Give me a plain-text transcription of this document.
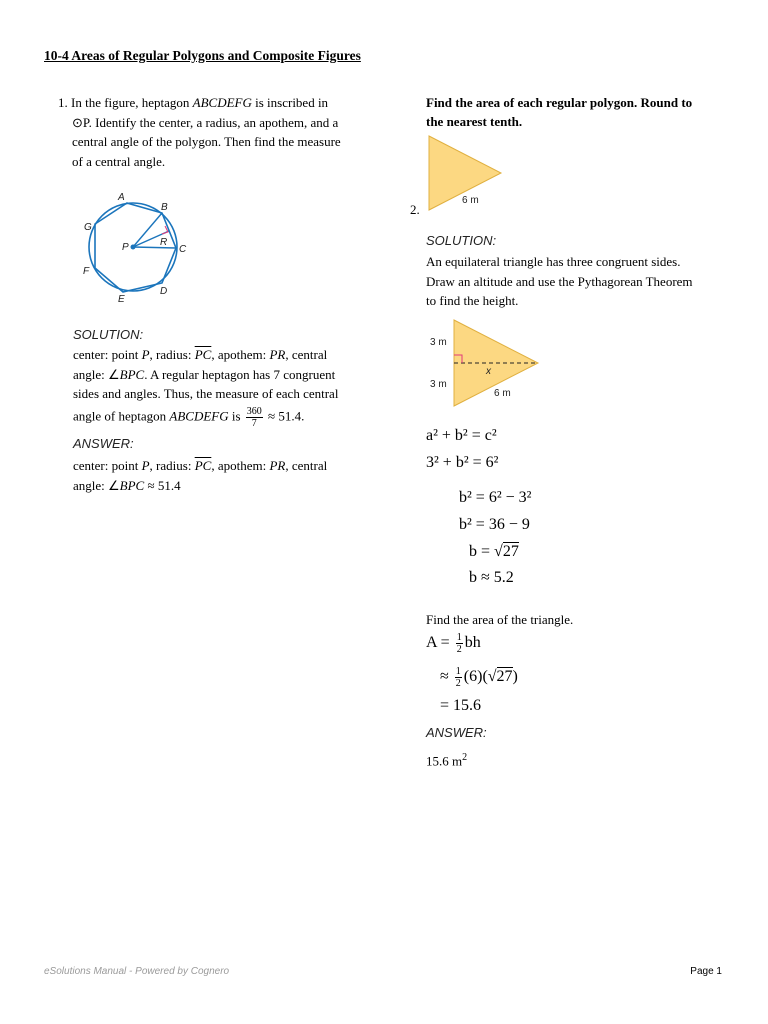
10-4 Areas of Regular Polygons and Composite Figures
1. In the figure, heptagon ABCDEFG is inscribed in
⊙P. Identify the center, a radius, an apothem, and a
central angle of the polygon. Then find the measure
of a central angle.
A
B
C
D
E
F
G
P	R
SOLUTION:
center: point P, radius: $\overline{PC}$, apothem: PR, central
angle: ∠BPC. A regular heptagon has 7 congruent
sides and angles. Thus, the measure of each central
angle of heptagon ABCDEFG is $\frac{360}{7} \approx 51.4$.
ANSWER:
center: point P, radius: $\overline{PC}$, apothem: PR, central
angle: ∠BPC ≈ 51.4
Find the area of each regular polygon. Round to
the nearest tenth.
6 m
2.
SOLUTION:
An equilateral triangle has three congruent sides.
Draw an altitude and use the Pythagorean Theorem
to find the height.
3 m
3 m
x
6 m
a² + b² = c²
3² + b² = 6²
b² = 6² − 3²
b² = 36 − 9
b = √27
b ≈ 5.2
Find the area of the triangle.
$A = \frac{1}{2}$ bh
≈ $\frac{1}{2} (6)(√27)$
= 15.6
ANSWER:
15.6 $m^2$
eSolutions Manual - Powered by Cognero	Page 1
